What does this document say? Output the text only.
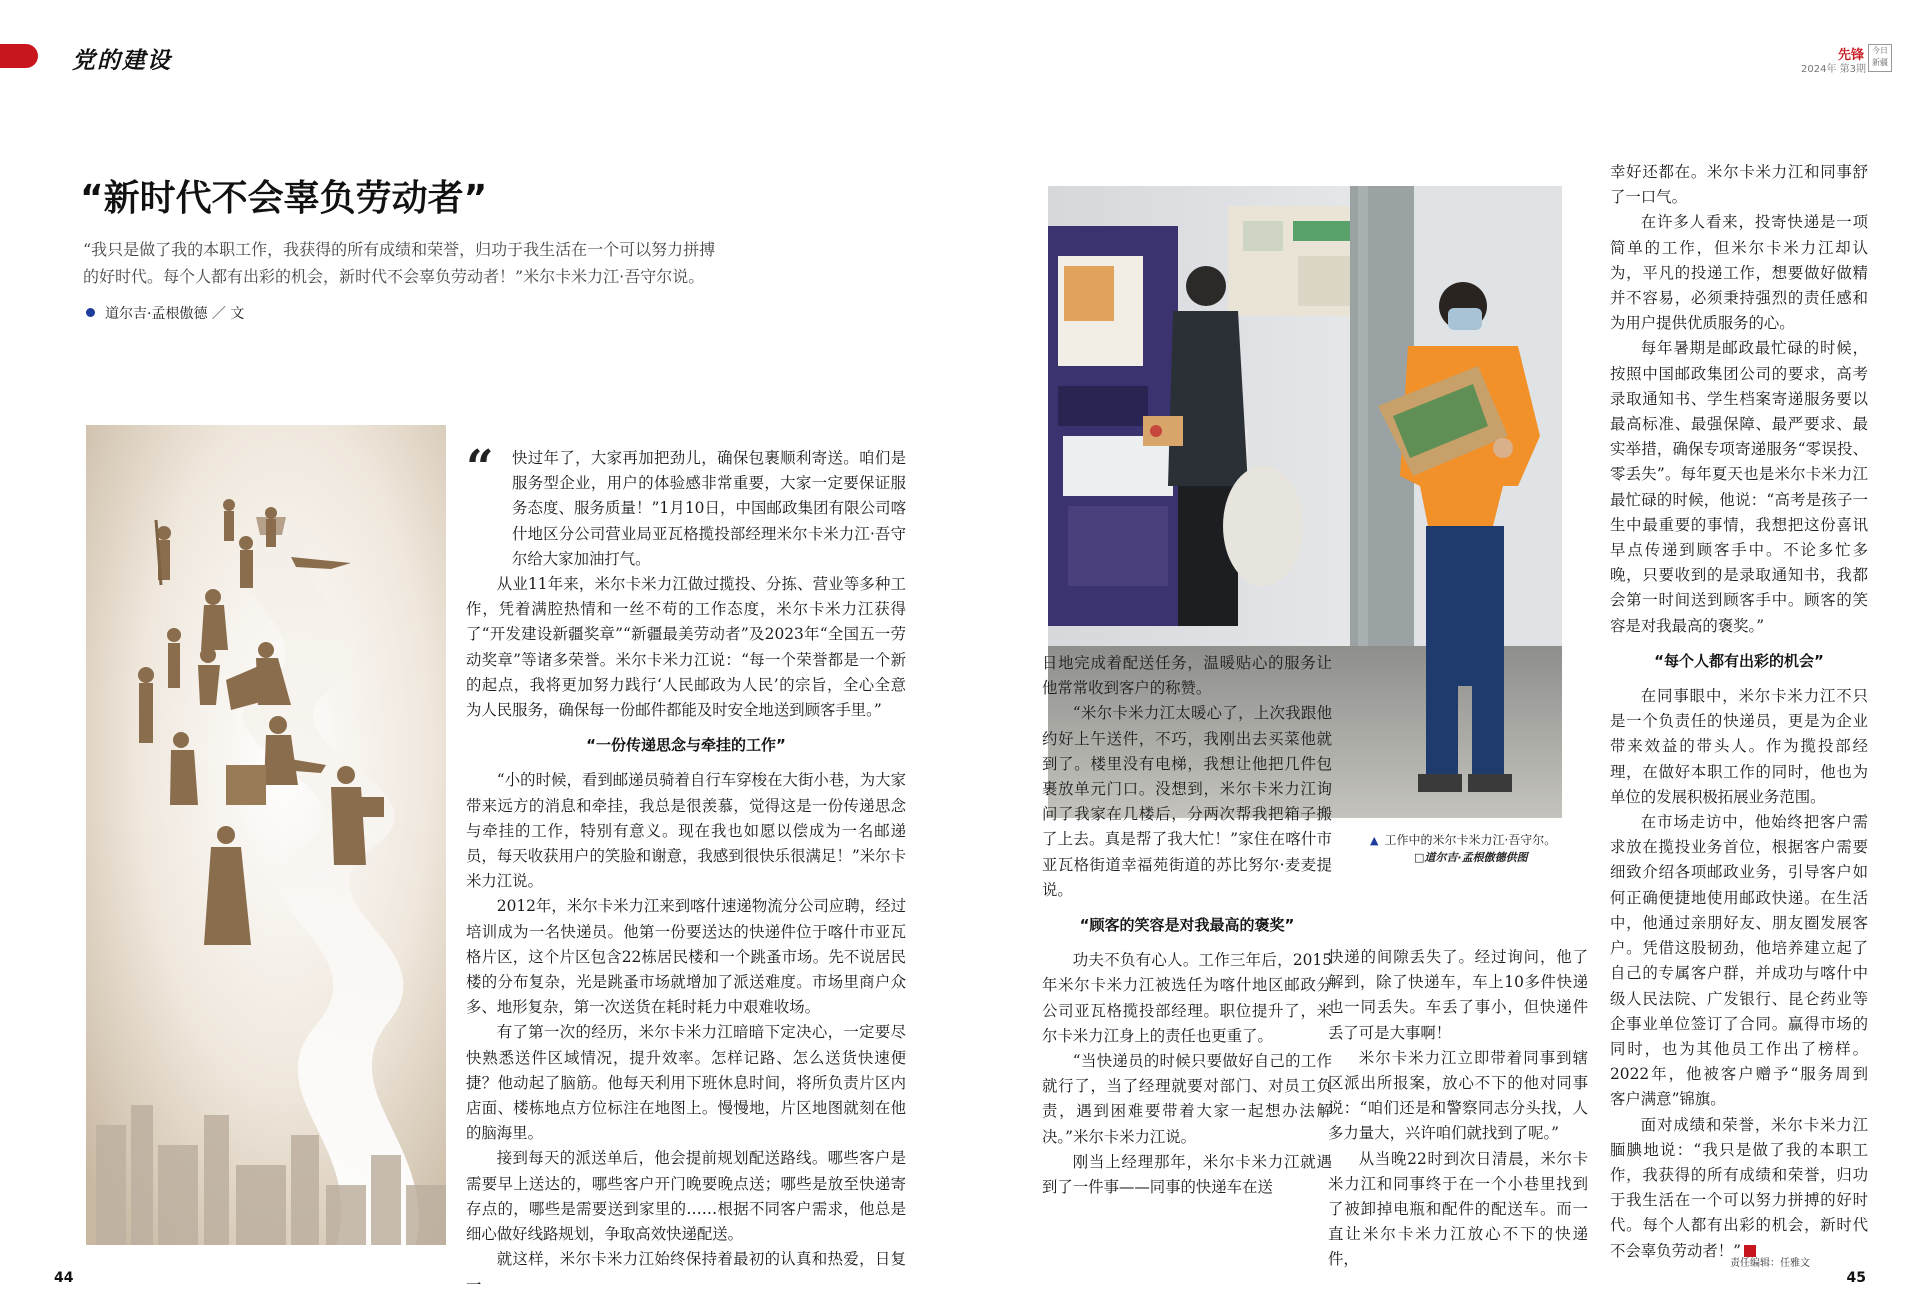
党的建设
“新时代不会辜负劳动者”
“我只是做了我的本职工作，我获得的所有成绩和荣誉，归功于我生活在一个可以努力拼搏的好时代。每个人都有出彩的机会，新时代不会辜负劳动者！”米尔卡米力江·吾守尔说。
道尔吉·孟根傲德 ／ 文
“	快过年了，大家再加把劲儿，确保包裹顺利寄送。咱们是服务型企业，用户的体验感非常重要，大家一定要保证服务态度、服务质量！”1月10日，中国邮政集团有限公司喀什地区分公司营业局亚瓦格揽投部经理米尔卡米力江·吾守尔给大家加油打气。

从业11年来，米尔卡米力江做过揽投、分拣、营业等多种工作，凭着满腔热情和一丝不苟的工作态度，米尔卡米力江获得了“开发建设新疆奖章”“新疆最美劳动者”及2023年“全国五一劳动奖章”等诸多荣誉。米尔卡米力江说：“每一个荣誉都是一个新的起点，我将更加努力践行‘人民邮政为人民’的宗旨，全心全意为人民服务，确保每一份邮件都能及时安全地送到顾客手里。”

“一份传递思念与牵挂的工作”

“小的时候，看到邮递员骑着自行车穿梭在大街小巷，为大家带来远方的消息和牵挂，我总是很羡慕，觉得这是一份传递思念与牵挂的工作，特别有意义。现在我也如愿以偿成为一名邮递员，每天收获用户的笑脸和谢意，我感到很快乐很满足！”米尔卡米力江说。

2012年，米尔卡米力江来到喀什速递物流分公司应聘，经过培训成为一名快递员。他第一份要送达的快递件位于喀什市亚瓦格片区，这个片区包含22栋居民楼和一个跳蚤市场。先不说居民楼的分布复杂，光是跳蚤市场就增加了派送难度。市场里商户众多、地形复杂，第一次送货在耗时耗力中艰难收场。

有了第一次的经历，米尔卡米力江暗暗下定决心，一定要尽快熟悉送件区域情况，提升效率。怎样记路、怎么送货快速便捷？他动起了脑筋。他每天利用下班休息时间，将所负责片区内店面、楼栋地点方位标注在地图上。慢慢地，片区地图就刻在他的脑海里。

接到每天的派送单后，他会提前规划配送路线。哪些客户是需要早上送达的，哪些客户开门晚要晚点送；哪些是放至快递寄存点的，哪些是需要送到家里的……根据不同客户需求，他总是细心做好线路规划，争取高效快递配送。

就这样，米尔卡米力江始终保持着最初的认真和热爱，日复一

44
先锋 今日 新疆
2024年 第3期
▲ 工作中的米尔卡米力江·吾守尔。
□道尔吉·孟根傲德供图

日地完成着配送任务，温暖贴心的服务让他常常收到客户的称赞。

“米尔卡米力江太暖心了，上次我跟他约好上午送件，不巧，我刚出去买菜他就到了。楼里没有电梯，我想让他把几件包裹放单元门口。没想到，米尔卡米力江询问了我家在几楼后，分两次帮我把箱子搬了上去。真是帮了我大忙！”家住在喀什市亚瓦格街道幸福苑街道的苏比努尔·麦麦提说。

“顾客的笑容是对我最高的褒奖”

功夫不负有心人。工作三年后，2015年米尔卡米力江被选任为喀什地区邮政分公司亚瓦格揽投部经理。职位提升了，米尔卡米力江身上的责任也更重了。

“当快递员的时候只要做好自己的工作就行了，当了经理就要对部门、对员工负责，遇到困难要带着大家一起想办法解决。”米尔卡米力江说。

刚当上经理那年，米尔卡米力江就遇到了一件事——同事的快递车在送

快递的间隙丢失了。经过询问，他了解到，除了快递车，车上10多件快递也一同丢失。车丢了事小，但快递件丢了可是大事啊！

米尔卡米力江立即带着同事到辖区派出所报案，放心不下的他对同事说：“咱们还是和警察同志分头找，人多力量大，兴许咱们就找到了呢。”

从当晚22时到次日清晨，米尔卡米力江和同事终于在一个小巷里找到了被卸掉电瓶和配件的配送车。而一直让米尔卡米力江放心不下的快递件，

幸好还都在。米尔卡米力江和同事舒了一口气。

在许多人看来，投寄快递是一项简单的工作，但米尔卡米力江却认为，平凡的投递工作，想要做好做精并不容易，必须秉持强烈的责任感和为用户提供优质服务的心。

每年暑期是邮政最忙碌的时候，按照中国邮政集团公司的要求，高考录取通知书、学生档案寄递服务要以最高标准、最强保障、最严要求、最实举措，确保专项寄递服务“零误投、零丢失”。每年夏天也是米尔卡米力江最忙碌的时候，他说：“高考是孩子一生中最重要的事情，我想把这份喜讯早点传递到顾客手中。不论多忙多晚，只要收到的是录取通知书，我都会第一时间送到顾客手中。顾客的笑容是对我最高的褒奖。”

“每个人都有出彩的机会”

在同事眼中，米尔卡米力江不只是一个负责任的快递员，更是为企业带来效益的带头人。作为揽投部经理，在做好本职工作的同时，他也为单位的发展积极拓展业务范围。

在市场走访中，他始终把客户需求放在揽投业务首位，根据客户需要细致介绍各项邮政业务，引导客户如何正确便捷地使用邮政快递。在生活中，他通过亲朋好友、朋友圈发展客户。凭借这股韧劲，他培养建立起了自己的专属客户群，并成功与喀什中级人民法院、广发银行、昆仑药业等企事业单位签订了合同。赢得市场的同时，也为其他员工作出了榜样。2022年，他被客户赠予“服务周到　客户满意”锦旗。

面对成绩和荣誉，米尔卡米力江腼腆地说：“我只是做了我的本职工作，我获得的所有成绩和荣誉，归功于我生活在一个可以努力拼搏的好时代。每个人都有出彩的机会，新时代不会辜负劳动者！”

责任编辑：任雅文
45
